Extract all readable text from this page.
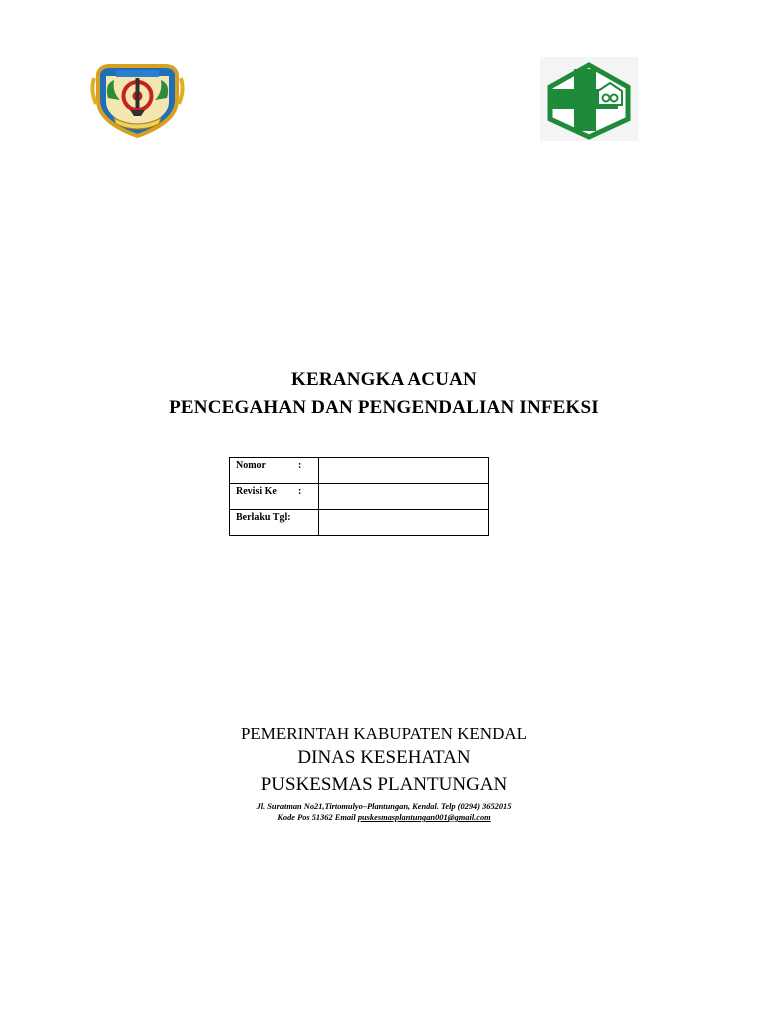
KERANGKA ACUAN
PENCEGAHAN DAN PENGENDALIAN INFEKSI
Nomor :	
Revisi Ke :	
Berlaku Tgl:	
PEMERINTAH KABUPATEN KENDAL
DINAS KESEHATAN
PUSKESMAS PLANTUNGAN
Jl. Suratman No21,Tirtomulyo–Plantungan, Kendal. Telp (0294) 3652015
Kode Pos 51362 Email puskesmasplantungan001@gmail.com
